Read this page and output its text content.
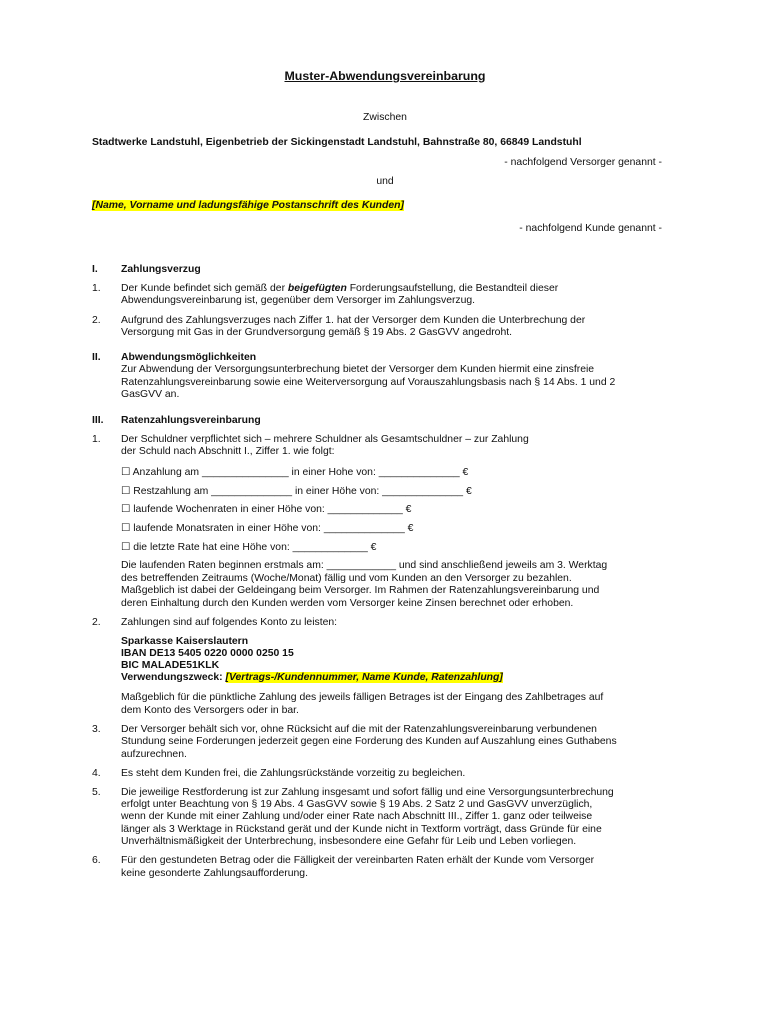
Muster-Abwendungsvereinbarung
Zwischen
Stadtwerke Landstuhl, Eigenbetrieb der Sickingenstadt Landstuhl, Bahnstraße 80, 66849 Landstuhl
- nachfolgend Versorger genannt -
und
[Name, Vorname und ladungsfähige Postanschrift des Kunden]
- nachfolgend Kunde genannt -
I. Zahlungsverzug
1. Der Kunde befindet sich gemäß der beigefügten Forderungsaufstellung, die Bestandteil dieser
Abwendungsvereinbarung ist, gegenüber dem Versorger im Zahlungsverzug.
2. Aufgrund des Zahlungsverzuges nach Ziffer 1. hat der Versorger dem Kunden die Unterbrechung der
Versorgung mit Gas in der Grundversorgung gemäß § 19 Abs. 2 GasGVV angedroht.
II. Abwendungsmöglichkeiten
Zur Abwendung der Versorgungsunterbrechung bietet der Versorger dem Kunden hiermit eine zinsfreie
Ratenzahlungsvereinbarung sowie eine Weiterversorgung auf Vorauszahlungsbasis nach § 14 Abs. 1 und 2
GasGVV an.
III. Ratenzahlungsvereinbarung
1. Der Schuldner verpflichtet sich – mehrere Schuldner als Gesamtschuldner – zur Zahlung
der Schuld nach Abschnitt I., Ziffer 1. wie folgt:
☐ Anzahlung am _______________ in einer Hohe von: ______________ €
☐ Restzahlung am ______________ in einer Höhe von: ______________ €
☐ laufende Wochenraten in einer Höhe von: _____________ €
☐ laufende Monatsraten in einer Höhe von: ______________ €
☐ die letzte Rate hat eine Höhe von: _____________ €
Die laufenden Raten beginnen erstmals am: ____________ und sind anschließend jeweils am 3. Werktag
des betreffenden Zeitraums (Woche/Monat) fällig und vom Kunden an den Versorger zu bezahlen.
Maßgeblich ist dabei der Geldeingang beim Versorger. Im Rahmen der Ratenzahlungsvereinbarung und
deren Einhaltung durch den Kunden werden vom Versorger keine Zinsen berechnet oder erhoben.
2. Zahlungen sind auf folgendes Konto zu leisten:
Sparkasse Kaiserslautern
IBAN DE13 5405 0220 0000 0250 15
BIC MALADE51KLK
Verwendungszweck: [Vertrags-/Kundennummer, Name Kunde, Ratenzahlung]
Maßgeblich für die pünktliche Zahlung des jeweils fälligen Betrages ist der Eingang des Zahlbetrages auf
dem Konto des Versorgers oder in bar.
3. Der Versorger behält sich vor, ohne Rücksicht auf die mit der Ratenzahlungsvereinbarung verbundenen
Stundung seine Forderungen jederzeit gegen eine Forderung des Kunden auf Auszahlung eines Guthabens
aufzurechnen.
4. Es steht dem Kunden frei, die Zahlungsrückstände vorzeitig zu begleichen.
5. Die jeweilige Restforderung ist zur Zahlung insgesamt und sofort fällig und eine Versorgungsunterbrechung
erfolgt unter Beachtung von § 19 Abs. 4 GasGVV sowie § 19 Abs. 2 Satz 2 und GasGVV unverzüglich,
wenn der Kunde mit einer Zahlung und/oder einer Rate nach Abschnitt III., Ziffer 1. ganz oder teilweise
länger als 3 Werktage in Rückstand gerät und der Kunde nicht in Textform vorträgt, dass Gründe für eine
Unverhältnismäßigkeit der Unterbrechung, insbesondere eine Gefahr für Leib und Leben vorliegen.
6. Für den gestundeten Betrag oder die Fälligkeit der vereinbarten Raten erhält der Kunde vom Versorger
keine gesonderte Zahlungsaufforderung.
